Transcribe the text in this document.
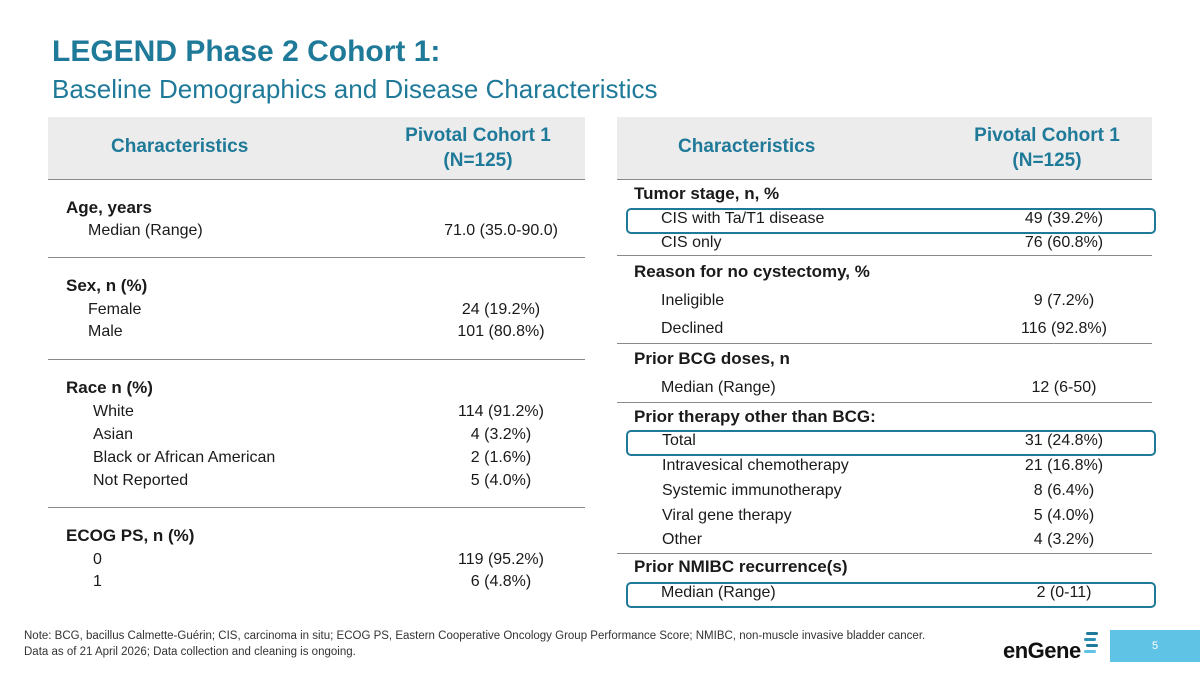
LEGEND Phase 2 Cohort 1:
Baseline Demographics and Disease Characteristics
Characteristics
Pivotal Cohort 1
(N=125)
Age, years
Median (Range)	71.0 (35.0-90.0)
Sex, n (%)
Female	24 (19.2%)
Male	101 (80.8%)
Race n (%)
White	114 (91.2%)
Asian	4 (3.2%)
Black or African American	2 (1.6%)
Not Reported	5 (4.0%)
ECOG PS, n (%)
0	119 (95.2%)
1	6 (4.8%)
Characteristics
Pivotal Cohort 1
(N=125)
Tumor stage, n, %
CIS with Ta/T1 disease	49 (39.2%)
CIS only	76 (60.8%)
Reason for no cystectomy, %
Ineligible	9 (7.2%)
Declined	116 (92.8%)
Prior BCG doses, n
Median (Range)	12 (6-50)
Prior therapy other than BCG:
Total	31 (24.8%)
Intravesical chemotherapy	21 (16.8%)
Systemic immunotherapy	8 (6.4%)
Viral gene therapy	5 (4.0%)
Other	4 (3.2%)
Prior NMIBC recurrence(s)
Median (Range)	2 (0-11)
Note: BCG, bacillus Calmette-Guérin; CIS, carcinoma in situ; ECOG PS, Eastern Cooperative Oncology Group Performance Score; NMIBC, non-muscle invasive bladder cancer.
Data as of 21 April 2026; Data collection and cleaning is ongoing.	enGene	5
